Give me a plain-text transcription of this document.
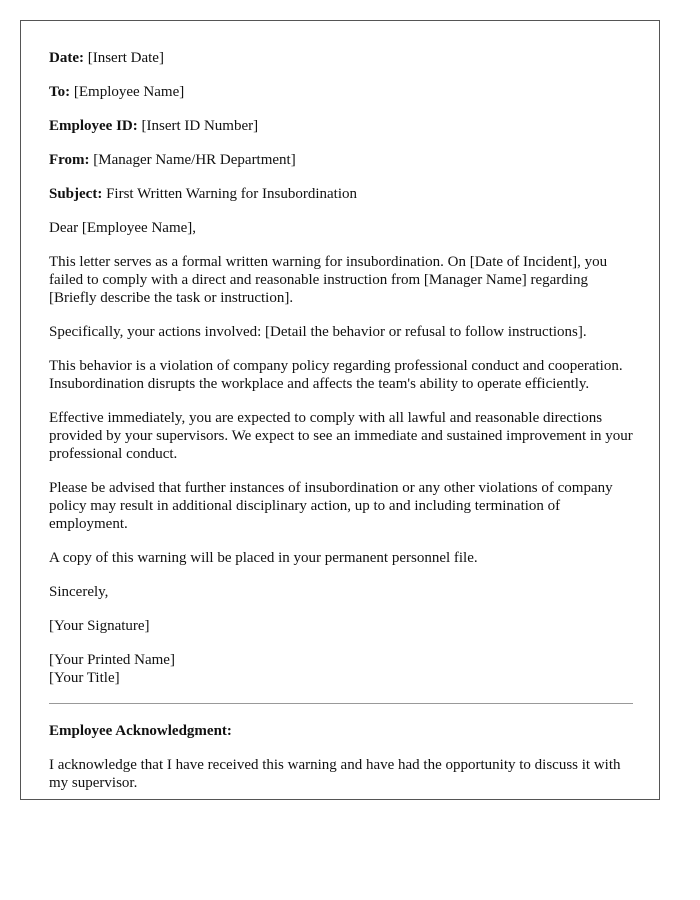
Date: [Insert Date]

To: [Employee Name]

Employee ID: [Insert ID Number]

From: [Manager Name/HR Department]

Subject: First Written Warning for Insubordination

Dear [Employee Name],

This letter serves as a formal written warning for insubordination. On [Date of Incident], you failed to comply with a direct and reasonable instruction from [Manager Name] regarding [Briefly describe the task or instruction].

Specifically, your actions involved: [Detail the behavior or refusal to follow instructions].

This behavior is a violation of company policy regarding professional conduct and cooperation. Insubordination disrupts the workplace and affects the team's ability to operate efficiently.

Effective immediately, you are expected to comply with all lawful and reasonable directions provided by your supervisors. We expect to see an immediate and sustained improvement in your professional conduct.

Please be advised that further instances of insubordination or any other violations of company policy may result in additional disciplinary action, up to and including termination of employment.

A copy of this warning will be placed in your permanent personnel file.

Sincerely,

[Your Signature]

[Your Printed Name]

[Your Title]

Employee Acknowledgment:

I acknowledge that I have received this warning and have had the opportunity to discuss it with my supervisor.
